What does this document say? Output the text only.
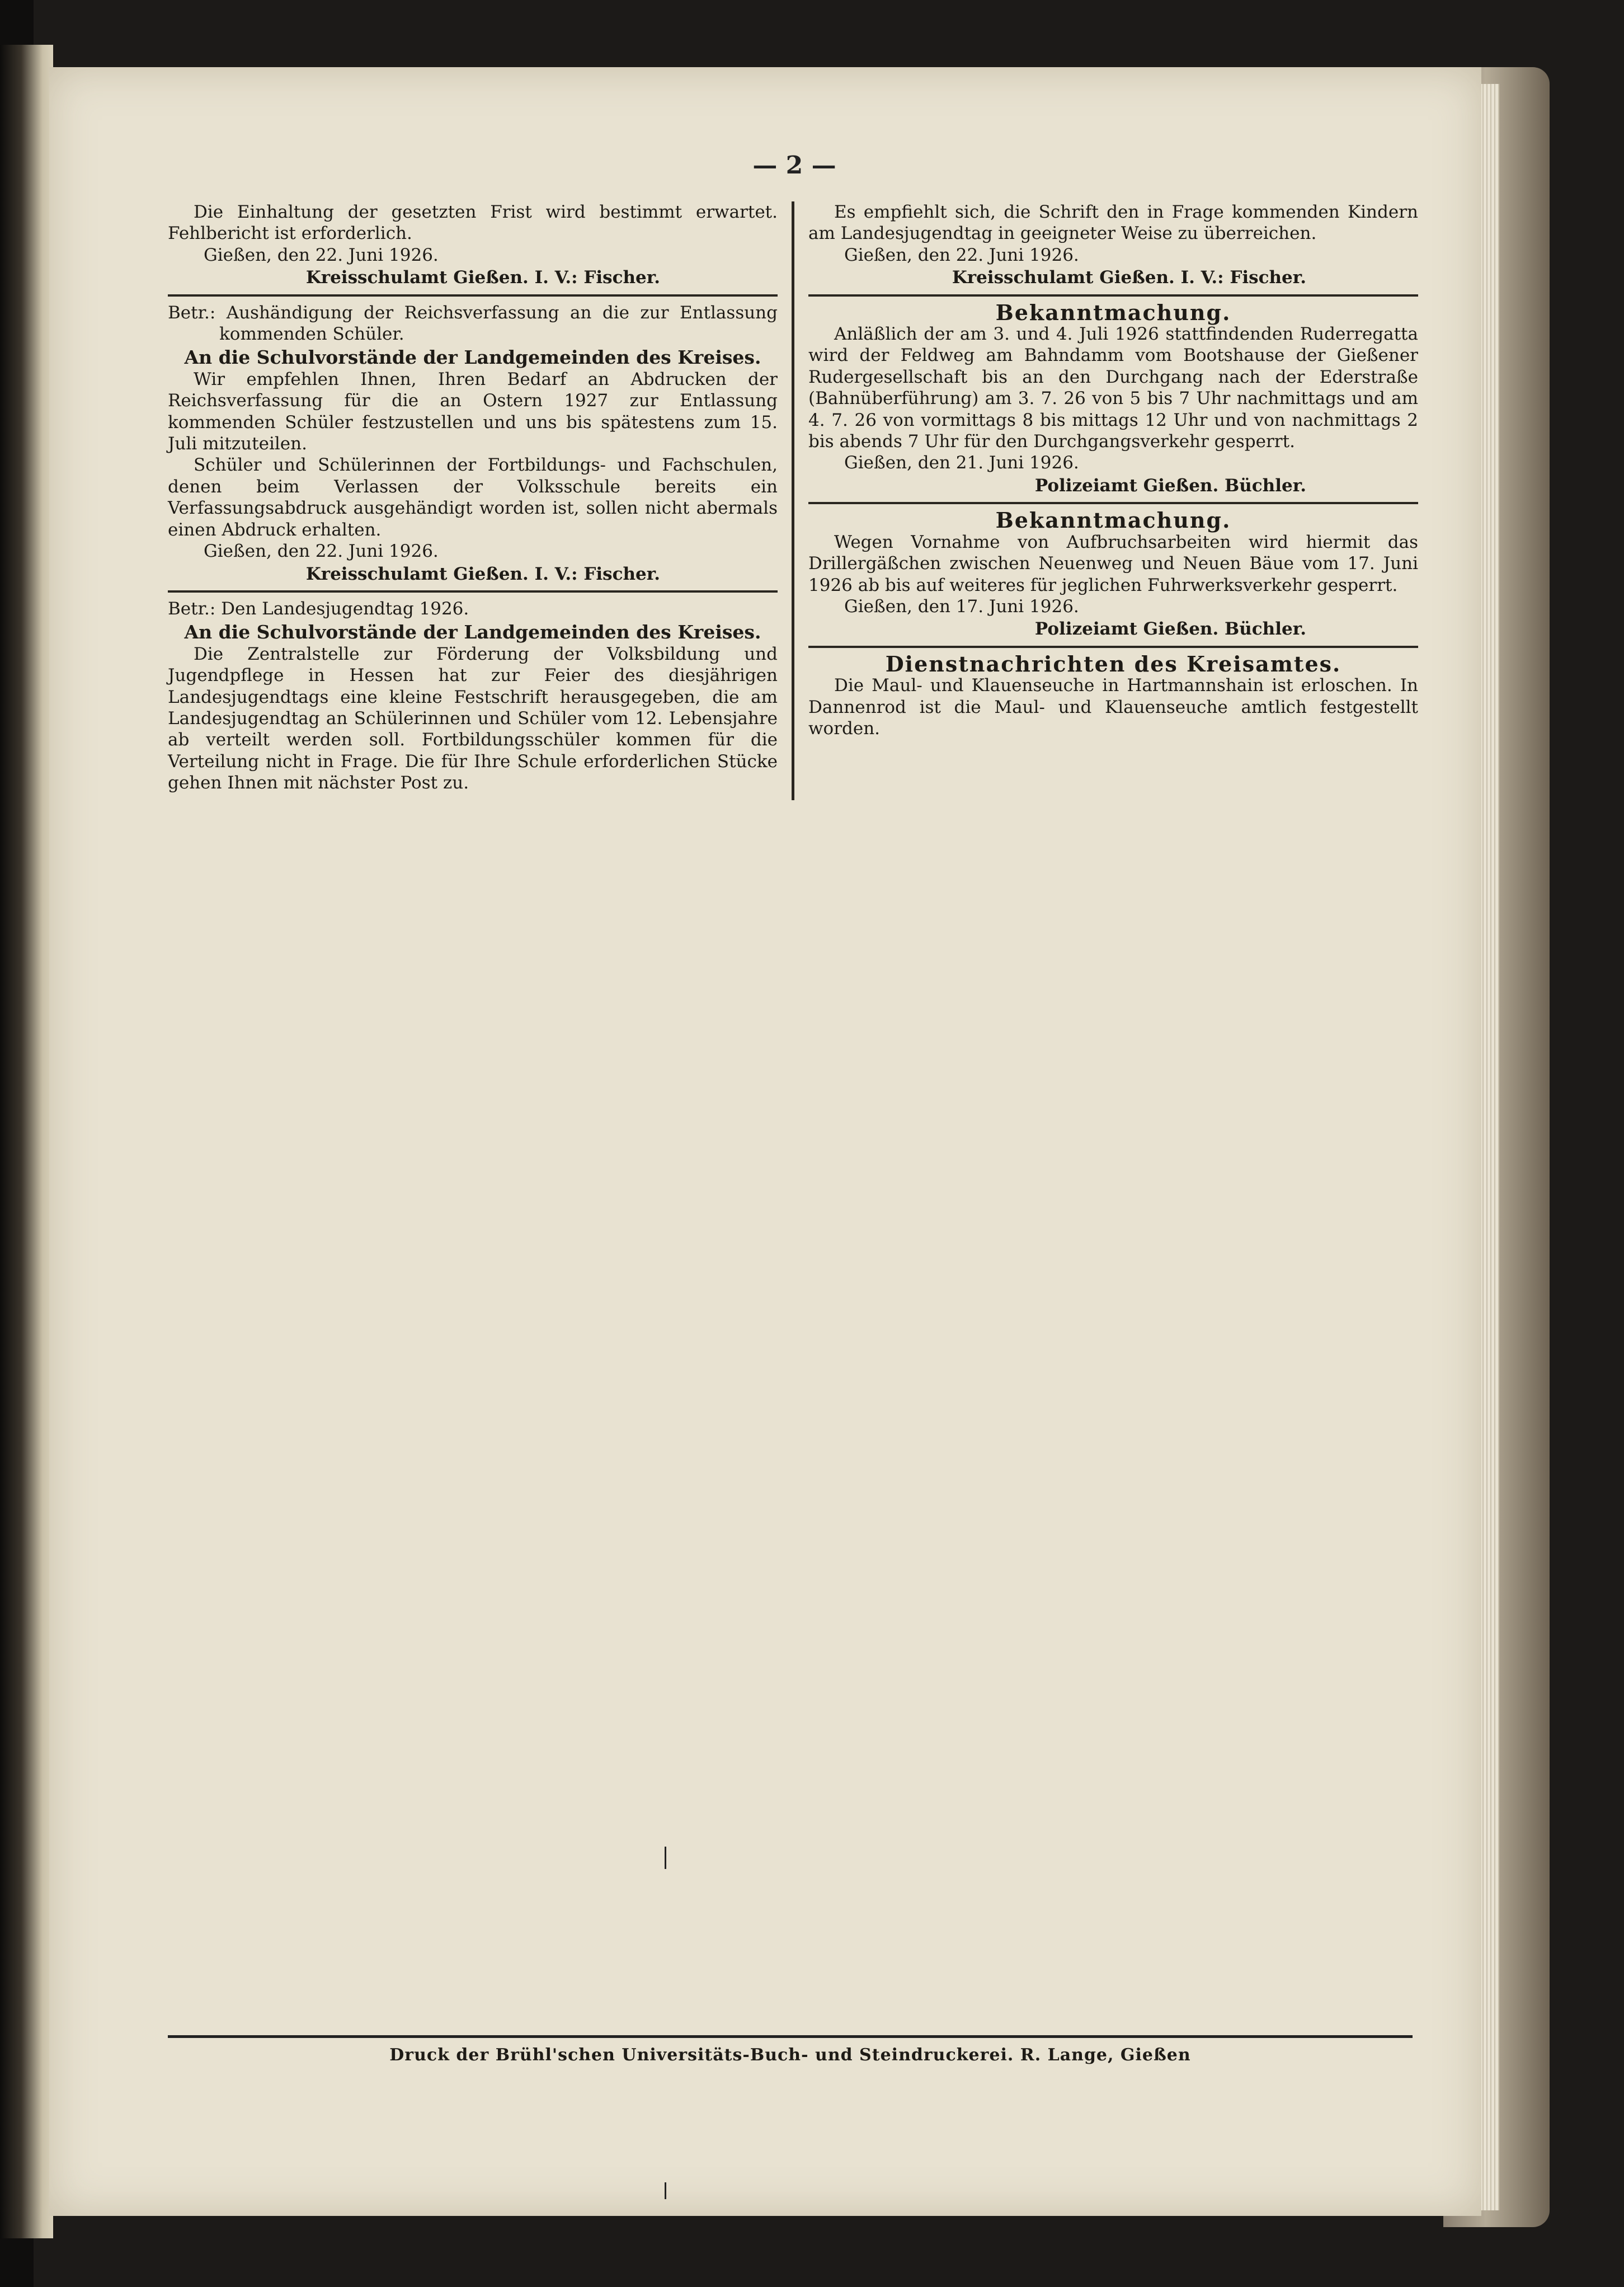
— 2 —

Die Einhaltung der gesetzten Frist wird bestimmt erwartet. Fehlbericht ist erforderlich.

Gießen, den 22. Juni 1926.

Kreisschulamt Gießen. I. V.: Fischer.

Betr.: Aushändigung der Reichsverfassung an die zur Entlassung kommenden Schüler.

An die Schulvorstände der Landgemeinden des Kreises.

Wir empfehlen Ihnen, Ihren Bedarf an Abdrucken der Reichsverfassung für die an Ostern 1927 zur Entlassung kommenden Schüler festzustellen und uns bis spätestens zum 15. Juli mitzuteilen.

Schüler und Schülerinnen der Fortbildungs- und Fachschulen, denen beim Verlassen der Volksschule bereits ein Verfassungsabdruck ausgehändigt worden ist, sollen nicht abermals einen Abdruck erhalten.

Gießen, den 22. Juni 1926.

Kreisschulamt Gießen. I. V.: Fischer.

Betr.: Den Landesjugendtag 1926.

An die Schulvorstände der Landgemeinden des Kreises.

Die Zentralstelle zur Förderung der Volksbildung und Jugendpflege in Hessen hat zur Feier des diesjährigen Landesjugendtags eine kleine Festschrift herausgegeben, die am Landesjugendtag an Schülerinnen und Schüler vom 12. Lebensjahre ab verteilt werden soll. Fortbildungsschüler kommen für die Verteilung nicht in Frage. Die für Ihre Schule erforderlichen Stücke gehen Ihnen mit nächster Post zu.

Es empfiehlt sich, die Schrift den in Frage kommenden Kindern am Landesjugendtag in geeigneter Weise zu überreichen.

Gießen, den 22. Juni 1926.

Kreisschulamt Gießen. I. V.: Fischer.

Bekanntmachung.

Anläßlich der am 3. und 4. Juli 1926 stattfindenden Ruderregatta wird der Feldweg am Bahndamm vom Bootshause der Gießener Rudergesellschaft bis an den Durchgang nach der Ederstraße (Bahnüberführung) am 3. 7. 26 von 5 bis 7 Uhr nachmittags und am 4. 7. 26 von vormittags 8 bis mittags 12 Uhr und von nachmittags 2 bis abends 7 Uhr für den Durchgangsverkehr gesperrt.

Gießen, den 21. Juni 1926.

Polizeiamt Gießen. Büchler.

Bekanntmachung.

Wegen Vornahme von Aufbruchsarbeiten wird hiermit das Drillergäßchen zwischen Neuenweg und Neuen Bäue vom 17. Juni 1926 ab bis auf weiteres für jeglichen Fuhrwerksverkehr gesperrt.

Gießen, den 17. Juni 1926.

Polizeiamt Gießen. Büchler.

Dienstnachrichten des Kreisamtes.

Die Maul- und Klauenseuche in Hartmannshain ist erloschen. In Dannenrod ist die Maul- und Klauenseuche amtlich festgestellt worden.

Druck der Brühl'schen Universitäts-Buch- und Steindruckerei. R. Lange, Gießen
